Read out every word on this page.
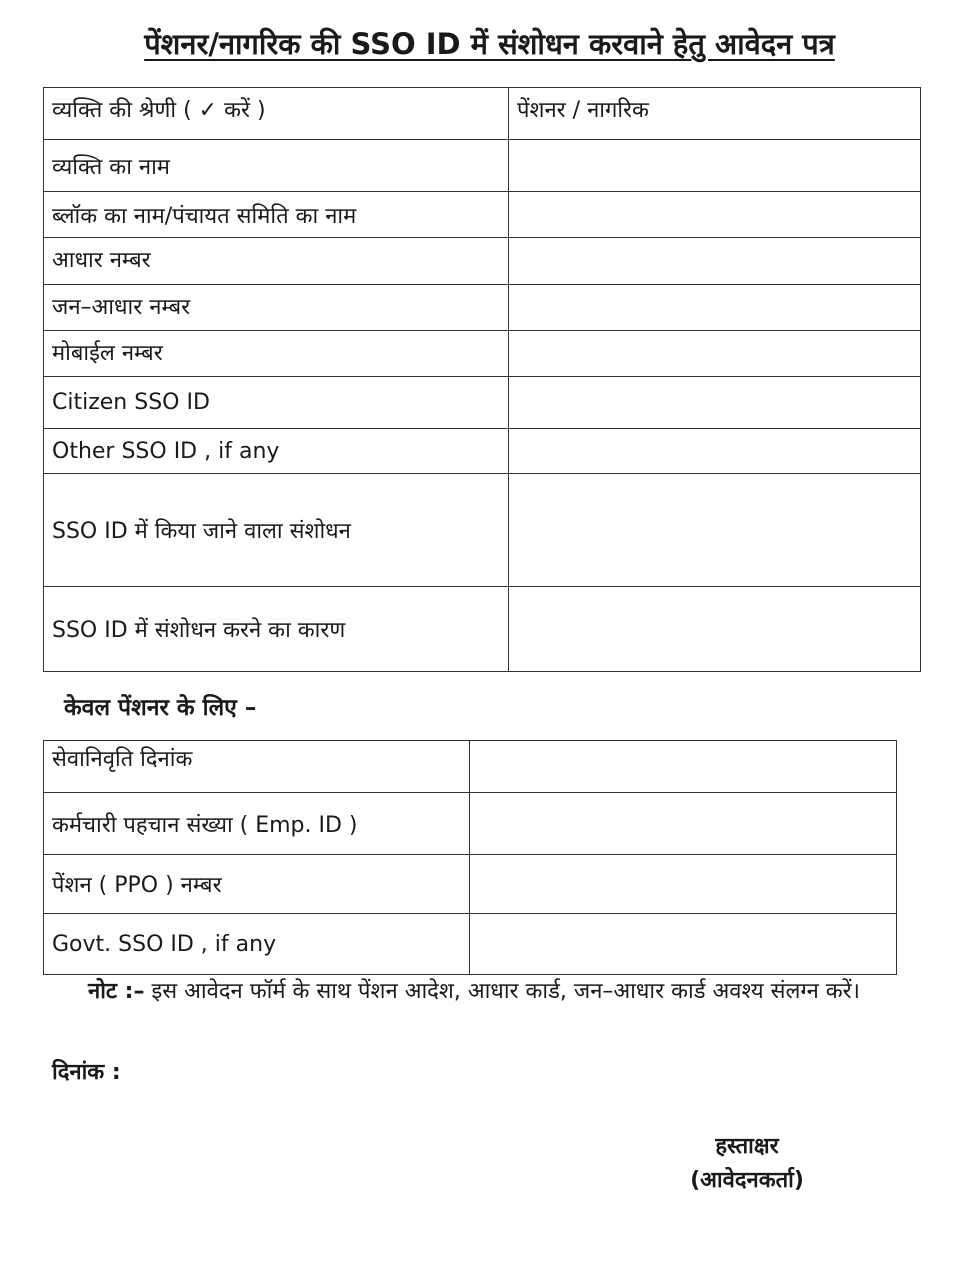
पेंशनर/नागरिक की SSO ID में संशोधन करवाने हेतु आवेदन पत्र
व्यक्ति की श्रेणी ( ✓ करें )	पेंशनर / नागरिक
व्यक्ति का नाम	
ब्लॉक का नाम/पंचायत समिति का नाम	
आधार नम्बर	
जन–आधार नम्बर	
मोबाईल नम्बर	
Citizen SSO ID	
Other SSO ID , if any	
SSO ID में किया जाने वाला संशोधन	
SSO ID में संशोधन करने का कारण	
केवल पेंशनर के लिए –
सेवानिवृति दिनांक	
कर्मचारी पहचान संख्या ( Emp. ID )	
पेंशन ( PPO ) नम्बर	
Govt. SSO ID , if any	
नोट :– इस आवेदन फॉर्म के साथ पेंशन आदेश, आधार कार्ड, जन–आधार कार्ड अवश्य संलग्न करें।
दिनांक :
हस्ताक्षर
(आवेदनकर्ता)
